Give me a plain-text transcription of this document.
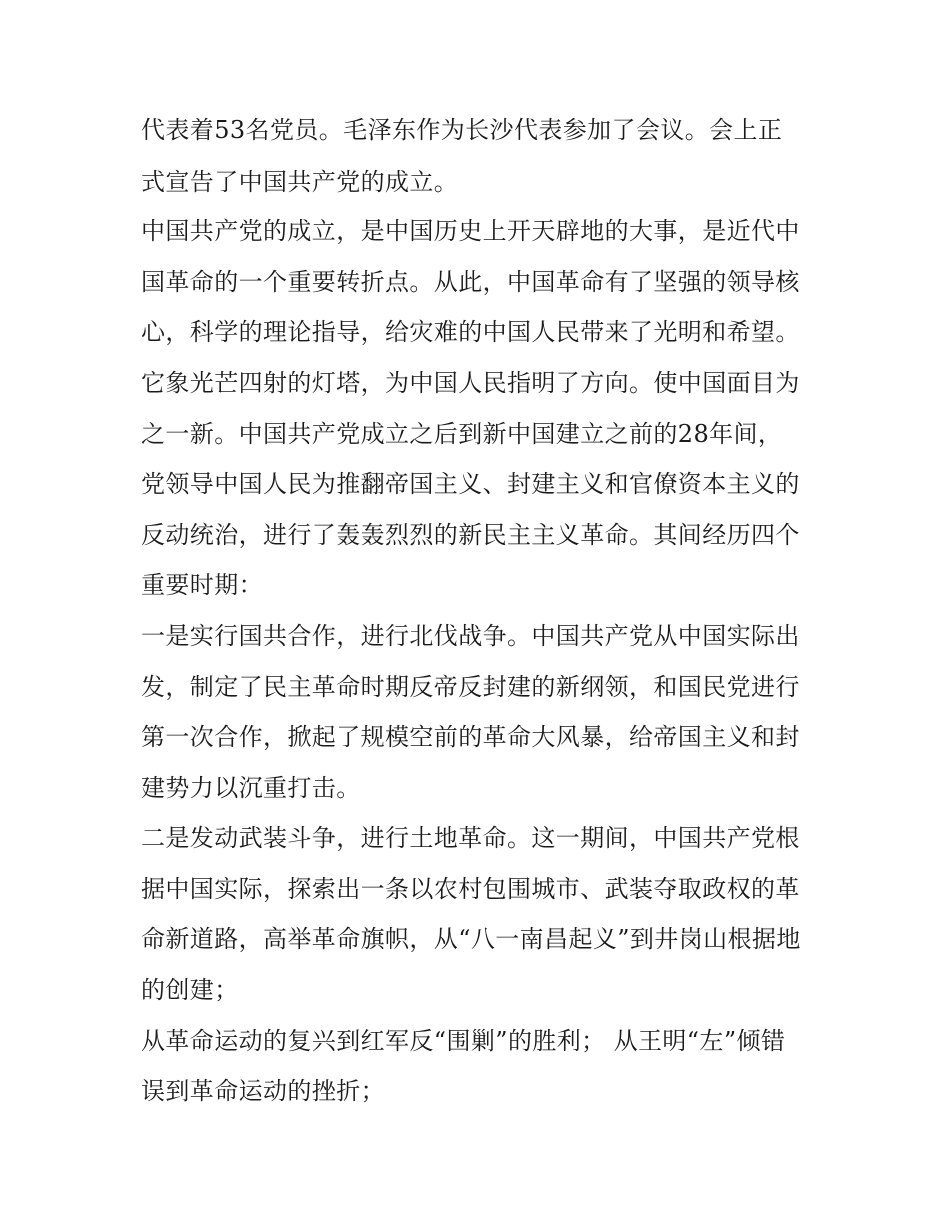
代表着53名党员。毛泽东作为长沙代表参加了会议。会上正
式宣告了中国共产党的成立。
中国共产党的成立，是中国历史上开天辟地的大事，是近代中
国革命的一个重要转折点。从此，中国革命有了坚强的领导核
心，科学的理论指导，给灾难的中国人民带来了光明和希望。
它象光芒四射的灯塔，为中国人民指明了方向。使中国面目为
之一新。中国共产党成立之后到新中国建立之前的28年间，
党领导中国人民为推翻帝国主义、封建主义和官僚资本主义的
反动统治，进行了轰轰烈烈的新民主主义革命。其间经历四个
重要时期：
一是实行国共合作，进行北伐战争。中国共产党从中国实际出
发，制定了民主革命时期反帝反封建的新纲领，和国民党进行
第一次合作，掀起了规模空前的革命大风暴，给帝国主义和封
建势力以沉重打击。
二是发动武装斗争，进行土地革命。这一期间，中国共产党根
据中国实际，探索出一条以农村包围城市、武装夺取政权的革
命新道路，高举革命旗帜，从“八一南昌起义”到井岗山根据地
的创建；
从革命运动的复兴到红军反“围剿”的胜利； 从王明“左”倾错
误到革命运动的挫折；
